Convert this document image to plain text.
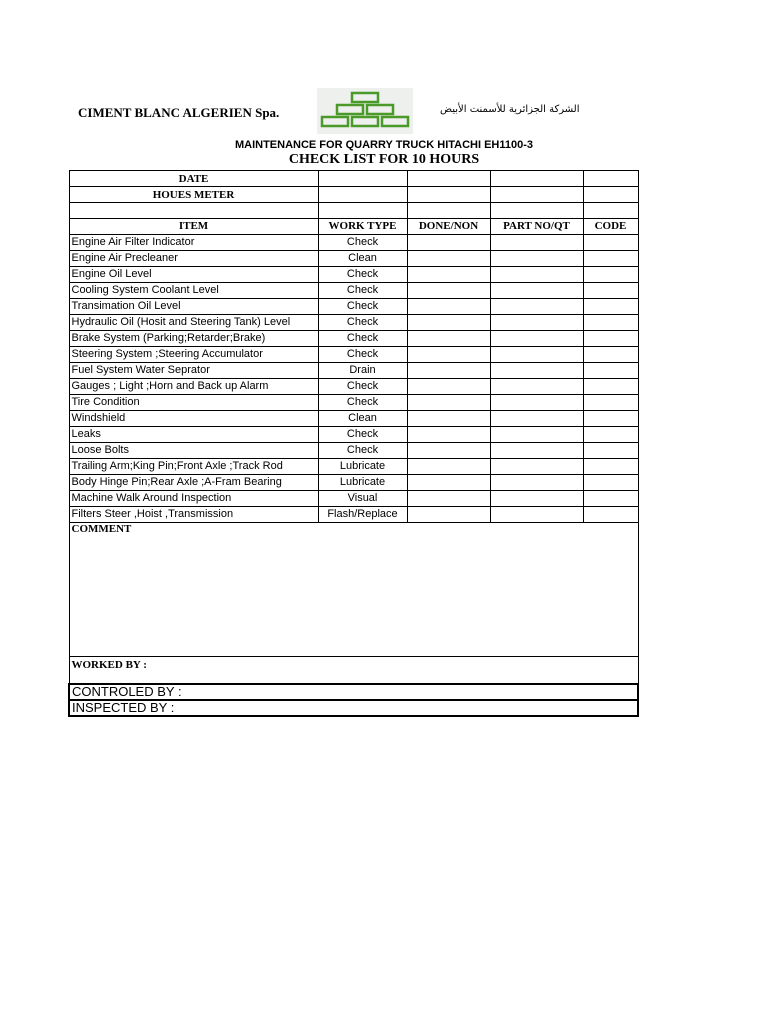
CIMENT BLANC ALGERIEN Spa.	الشركة الجزائرية للأسمنت الأبيض
MAINTENANCE FOR QUARRY TRUCK HITACHI EH1100-3
CHECK LIST FOR 10 HOURS
DATE				
HOUES METER				

ITEM	WORK TYPE	DONE/NON	PART NO/QT	CODE
Engine Air Filter Indicator	Check			
Engine Air Precleaner	Clean			
Engine Oil Level	Check			
Cooling System Coolant Level	Check			
Transimation Oil Level	Check			
Hydraulic Oil (Hosit and Steering Tank) Level	Check			
Brake System (Parking;Retarder;Brake)	Check			
Steering System ;Steering Accumulator	Check			
Fuel System Water Seprator	Drain			
Gauges ; Light ;Horn and Back up Alarm	Check			
Tire Condition	Check			
Windshield	Clean			
Leaks	Check			
Loose Bolts	Check			
Trailing Arm;King Pin;Front Axle ;Track Rod	Lubricate			
Body Hinge Pin;Rear Axle ;A-Fram Bearing	Lubricate			
Machine Walk Around Inspection	Visual			
Filters Steer ,Hoist ,Transmission	Flash/Replace			
COMMENT				
WORKED BY :				
CONTROLED BY :				
INSPECTED BY :				
